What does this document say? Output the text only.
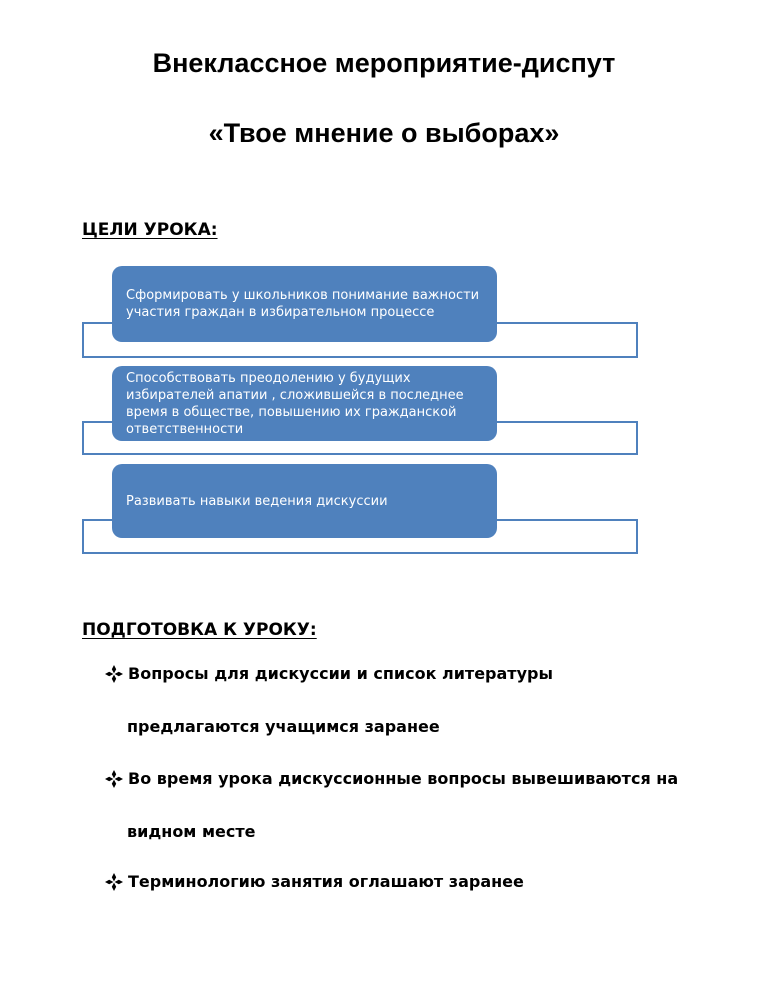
Внеклассное мероприятие-диспут
«Твое мнение о выборах»
ЦЕЛИ УРОКА:
Сформировать у школьников понимание важности участия граждан в избирательном процессе
Способствовать преодолению у будущих избирателей апатии , сложившейся в последнее время в обществе, повышению их гражданской ответственности
Развивать навыки ведения дискуссии
ПОДГОТОВКА К УРОКУ:
Вопросы для дискуссии и список литературы
предлагаются учащимся заранее
Во время урока дискуссионные вопросы вывешиваются на
видном месте
Терминологию занятия оглашают заранее
